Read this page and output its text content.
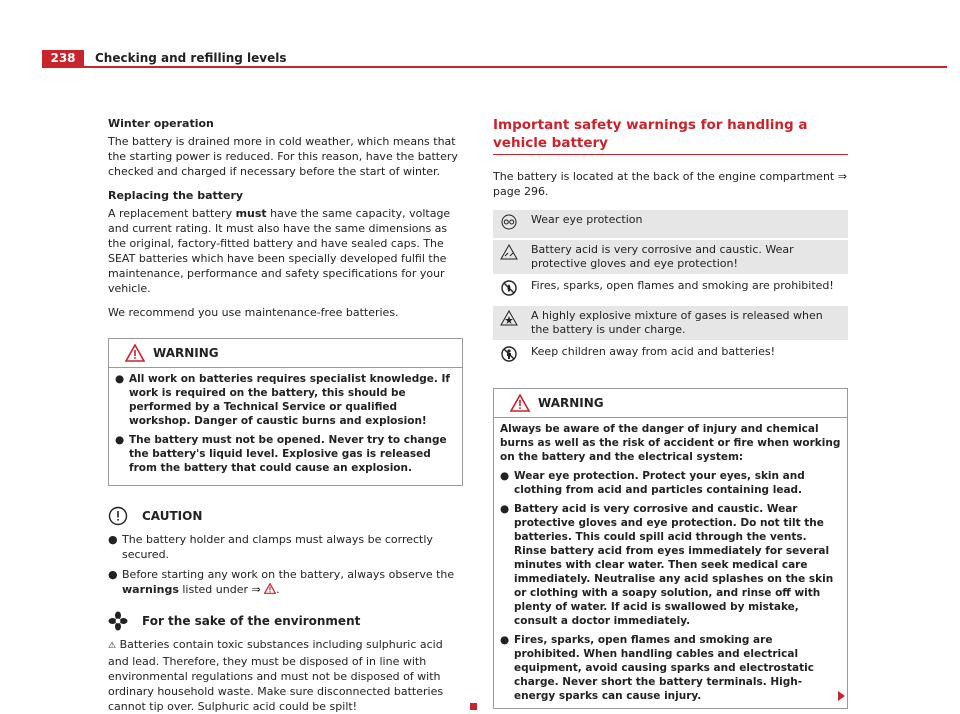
238	Checking and refilling levels

Winter operation

The battery is drained more in cold weather, which means that the starting power is reduced. For this reason, have the battery checked and charged if necessary before the start of winter.

Replacing the battery

A replacement battery must have the same capacity, voltage and current rating. It must also have the same dimensions as the original, factory-fitted battery and have sealed caps. The SEAT batteries which have been specially developed fulfil the maintenance, performance and safety specifications for your vehicle.

We recommend you use maintenance-free batteries.

WARNING
● All work on batteries requires specialist knowledge. If work is required on the battery, this should be performed by a Technical Service or qualified workshop. Danger of caustic burns and explosion!
● The battery must not be opened. Never try to change the battery's liquid level. Explosive gas is released from the battery that could cause an explosion.
CAUTION
● The battery holder and clamps must always be correctly secured.
● Before starting any work on the battery, always observe the warnings listed under ⇒ .
For the sake of the environment

⚠ Batteries contain toxic substances including sulphuric acid and lead. Therefore, they must be disposed of in line with environmental regulations and must not be disposed of with ordinary household waste. Make sure disconnected batteries cannot tip over. Sulphuric acid could be spilt!

Important safety warnings for handling a vehicle battery

The battery is located at the back of the engine compartment ⇒ page 296.

	Wear eye protection
	Battery acid is very corrosive and caustic. Wear protective gloves and eye protection!
	Fires, sparks, open flames and smoking are prohibited!
	A highly explosive mixture of gases is released when the battery is under charge.
	Keep children away from acid and batteries!
WARNING

Always be aware of the danger of injury and chemical burns as well as the risk of accident or fire when working on the battery and the electrical system:

● Wear eye protection. Protect your eyes, skin and clothing from acid and particles containing lead.
● Battery acid is very corrosive and caustic. Wear protective gloves and eye protection. Do not tilt the batteries. This could spill acid through the vents. Rinse battery acid from eyes immediately for several minutes with clear water. Then seek medical care immediately. Neutralise any acid splashes on the skin or clothing with a soapy solution, and rinse off with plenty of water. If acid is swallowed by mistake, consult a doctor immediately.
● Fires, sparks, open flames and smoking are prohibited. When handling cables and electrical equipment, avoid causing sparks and electrostatic charge. Never short the battery terminals. High-energy sparks can cause injury.
